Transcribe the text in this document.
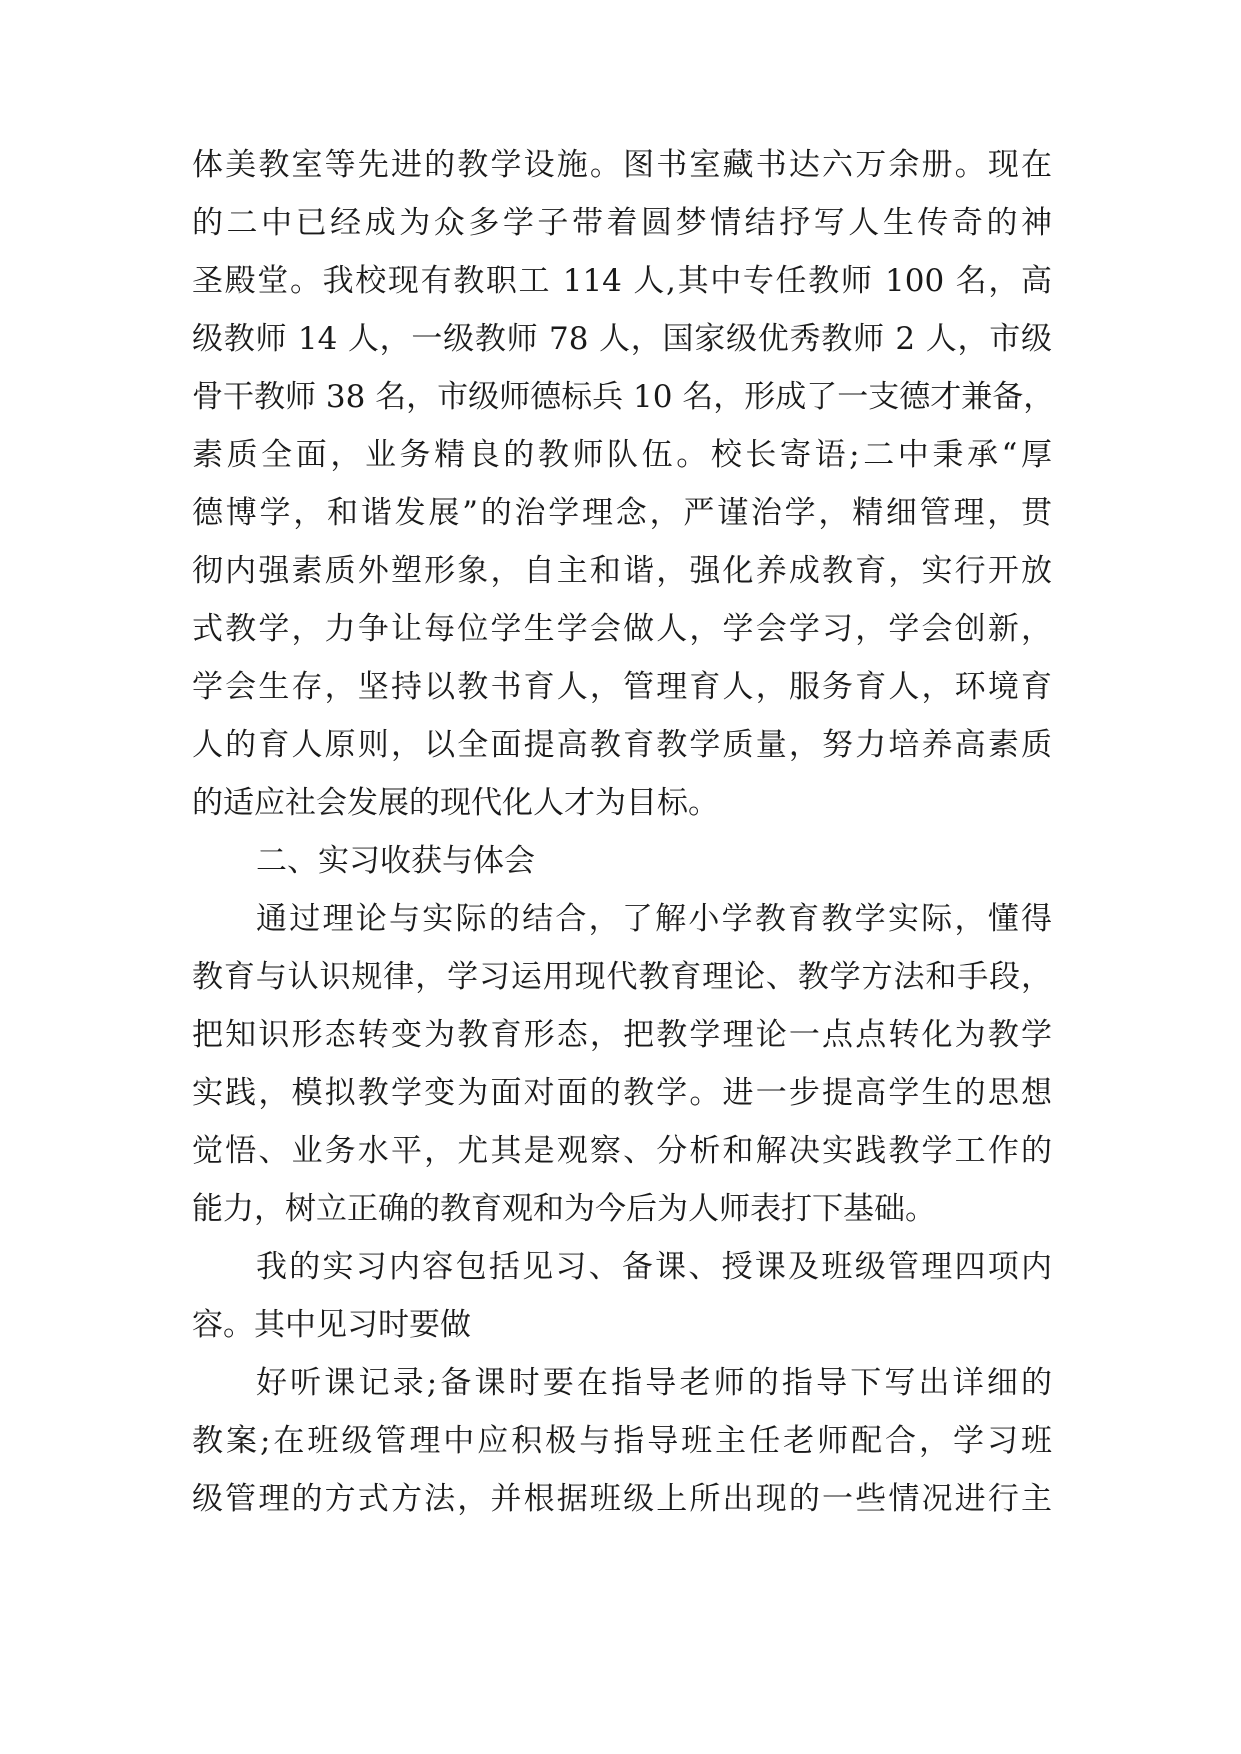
体美教室等先进的教学设施。图书室藏书达六万余册。现在
的二中已经成为众多学子带着圆梦情结抒写人生传奇的神
圣殿堂。我校现有教职工 114 人,其中专任教师 100 名，高
级教师 14 人，一级教师 78 人，国家级优秀教师 2 人，市级
骨干教师 38 名，市级师德标兵 10 名，形成了一支德才兼备，
素质全面，业务精良的教师队伍。校长寄语;二中秉承“厚
德博学，和谐发展”的治学理念，严谨治学，精细管理，贯
彻内强素质外塑形象，自主和谐，强化养成教育，实行开放
式教学，力争让每位学生学会做人，学会学习，学会创新，
学会生存，坚持以教书育人，管理育人，服务育人，环境育
人的育人原则，以全面提高教育教学质量，努力培养高素质
的适应社会发展的现代化人才为目标。
二、实习收获与体会
通过理论与实际的结合，了解小学教育教学实际，懂得
教育与认识规律，学习运用现代教育理论、教学方法和手段，
把知识形态转变为教育形态，把教学理论一点点转化为教学
实践，模拟教学变为面对面的教学。进一步提高学生的思想
觉悟、业务水平，尤其是观察、分析和解决实践教学工作的
能力，树立正确的教育观和为今后为人师表打下基础。
我的实习内容包括见习、备课、授课及班级管理四项内
容。其中见习时要做
好听课记录;备课时要在指导老师的指导下写出详细的
教案;在班级管理中应积极与指导班主任老师配合，学习班
级管理的方式方法，并根据班级上所出现的一些情况进行主
